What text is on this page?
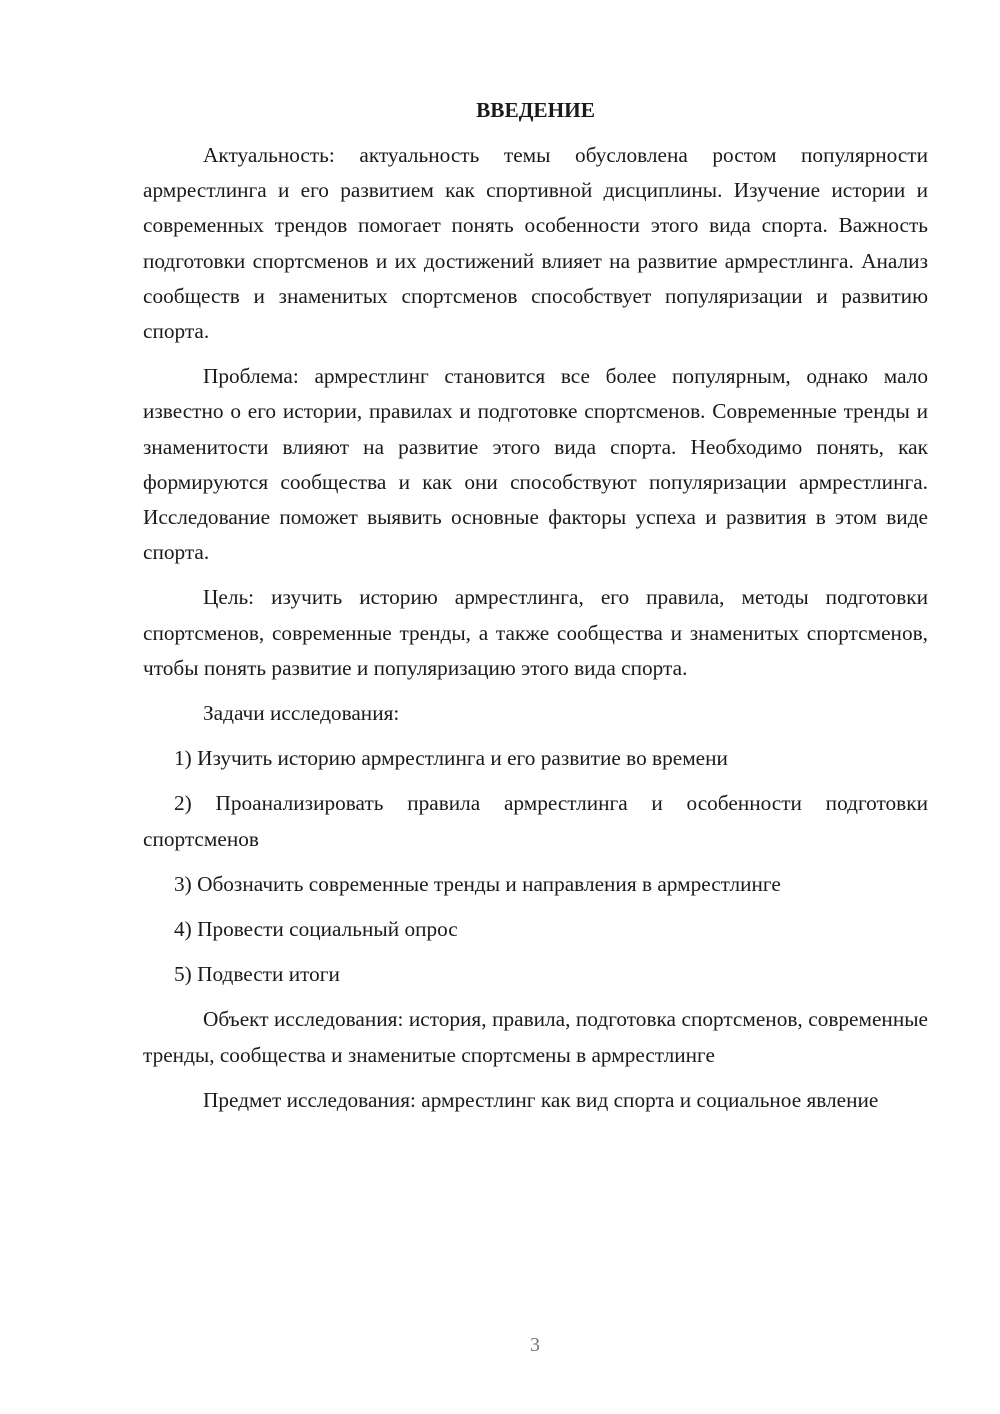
ВВЕДЕНИЕ

Актуальность: актуальность темы обусловлена ростом популярности армрестлинга и его развитием как спортивной дисциплины. Изучение истории и современных трендов помогает понять особенности этого вида спорта. Важность подготовки спортсменов и их достижений влияет на развитие армрестлинга. Анализ сообществ и знаменитых спортсменов способствует популяризации и развитию спорта.

Проблема: армрестлинг становится все более популярным, однако мало известно о его истории, правилах и подготовке спортсменов. Современные тренды и знаменитости влияют на развитие этого вида спорта. Необходимо понять, как формируются сообщества и как они способствуют популяризации армрестлинга. Исследование поможет выявить основные факторы успеха и развития в этом виде спорта.

Цель: изучить историю армрестлинга, его правила, методы подготовки спортсменов, современные тренды, а также сообщества и знаменитых спортсменов, чтобы понять развитие и популяризацию этого вида спорта.

Задачи исследования:

1) Изучить историю армрестлинга и его развитие во времени

2) Проанализировать правила армрестлинга и особенности подготовки спортсменов

3) Обозначить современные тренды и направления в армрестлинге

4) Провести социальный опрос

5) Подвести итоги

Объект исследования: история, правила, подготовка спортсменов, современные тренды, сообщества и знаменитые спортсмены в армрестлинге

Предмет исследования: армрестлинг как вид спорта и социальное явление

3
